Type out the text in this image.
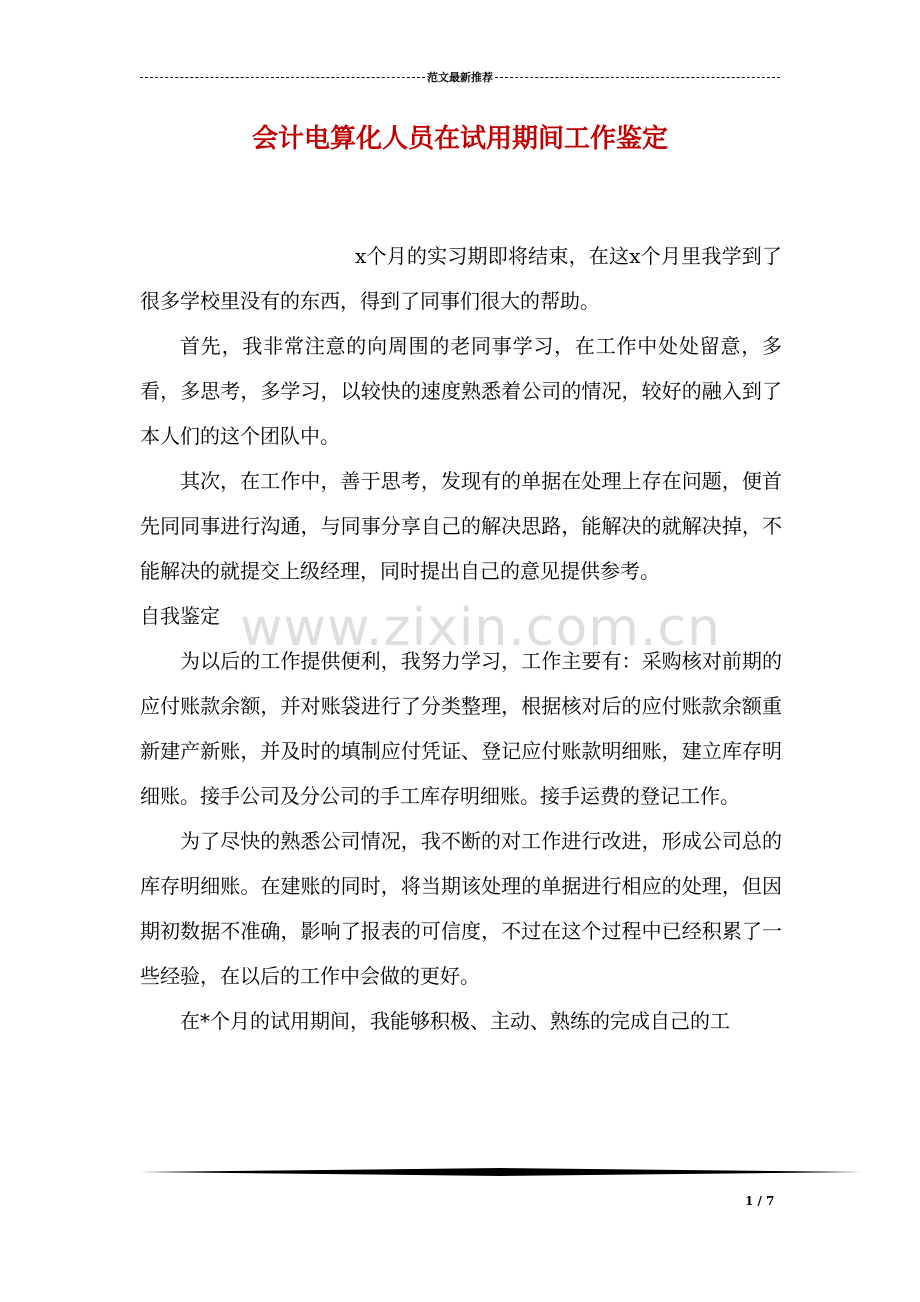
范文最新推荐
会计电算化人员在试用期间工作鉴定

x个月的实习期即将结束，在这x个月里我学到了很多学校里没有的东西，得到了同事们很大的帮助。

首先，我非常注意的向周围的老同事学习，在工作中处处留意，多看，多思考，多学习，以较快的速度熟悉着公司的情况，较好的融入到了本人们的这个团队中。

其次，在工作中，善于思考，发现有的单据在处理上存在问题，便首先同同事进行沟通，与同事分享自己的解决思路，能解决的就解决掉，不能解决的就提交上级经理，同时提出自己的意见提供参考。

自我鉴定

为以后的工作提供便利，我努力学习，工作主要有：采购核对前期的应付账款余额，并对账袋进行了分类整理，根据核对后的应付账款余额重新建产新账，并及时的填制应付凭证、登记应付账款明细账，建立库存明细账。接手公司及分公司的手工库存明细账。接手运费的登记工作。

为了尽快的熟悉公司情况，我不断的对工作进行改进，形成公司总的库存明细账。在建账的同时，将当期该处理的单据进行相应的处理，但因期初数据不准确，影响了报表的可信度，不过在这个过程中已经积累了一些经验，在以后的工作中会做的更好。

在*个月的试用期间，我能够积极、主动、熟练的完成自己的工

www.zixin.com.cn
1 / 7
